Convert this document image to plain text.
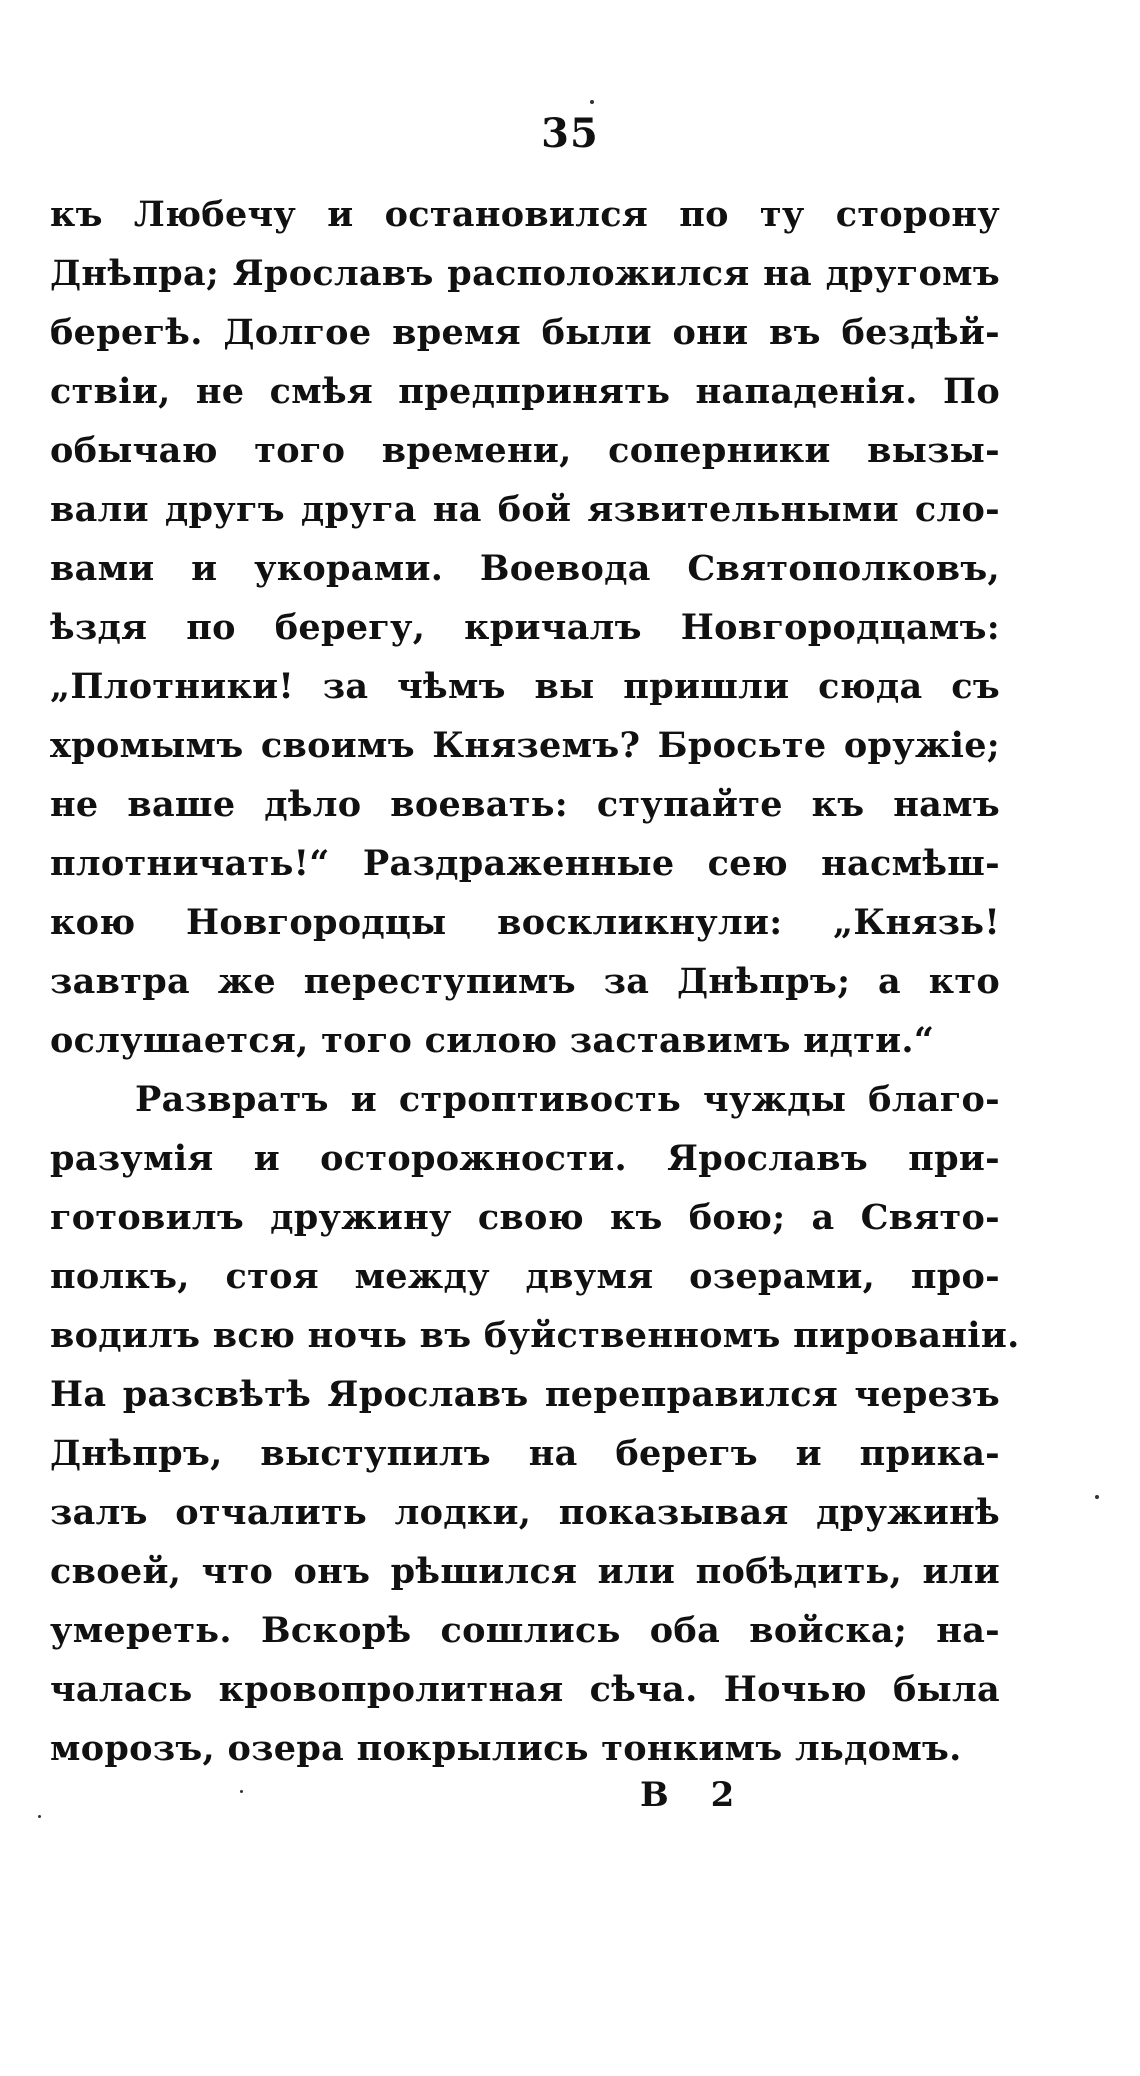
35
къ Любечу и остановился по ту сторону
Днѣпра; Ярославъ расположился на другомъ
берегѣ. Долгое время были они въ бездѣй-
ствіи, не смѣя предпринять нападенія. По
обычаю того времени, соперники вызы-
вали другъ друга на бой язвительными сло-
вами и укорами. Воевода Святополковъ,
ѣздя по берегу, кричалъ Новгородцамъ:
„Плотники! за чѣмъ вы пришли сюда съ
хромымъ своимъ Княземъ? Бросьте оружіе;
не ваше дѣло воевать: ступайте къ намъ
плотничать!“ Раздраженные сею насмѣш-
кою Новгородцы воскликнули: „Князь!
завтра же переступимъ за Днѣпръ; а кто
ослушается, того силою заставимъ идти.“
Развратъ и строптивость чужды благо-
разумія и осторожности. Ярославъ при-
готовилъ дружину свою къ бою; а Свято-
полкъ, стоя между двумя озерами, про-
водилъ всю ночь въ буйственномъ пированіи.
На разсвѣтѣ Ярославъ переправился черезъ
Днѣпръ, выступилъ на берегъ и прика-
залъ отчалить лодки, показывая дружинѣ
своей, что онъ рѣшился или побѣдить, или
умереть. Вскорѣ сошлись оба войска; на-
чалась кровопролитная сѣча. Ночью была
морозъ, озера покрылись тонкимъ льдомъ.
В 2
